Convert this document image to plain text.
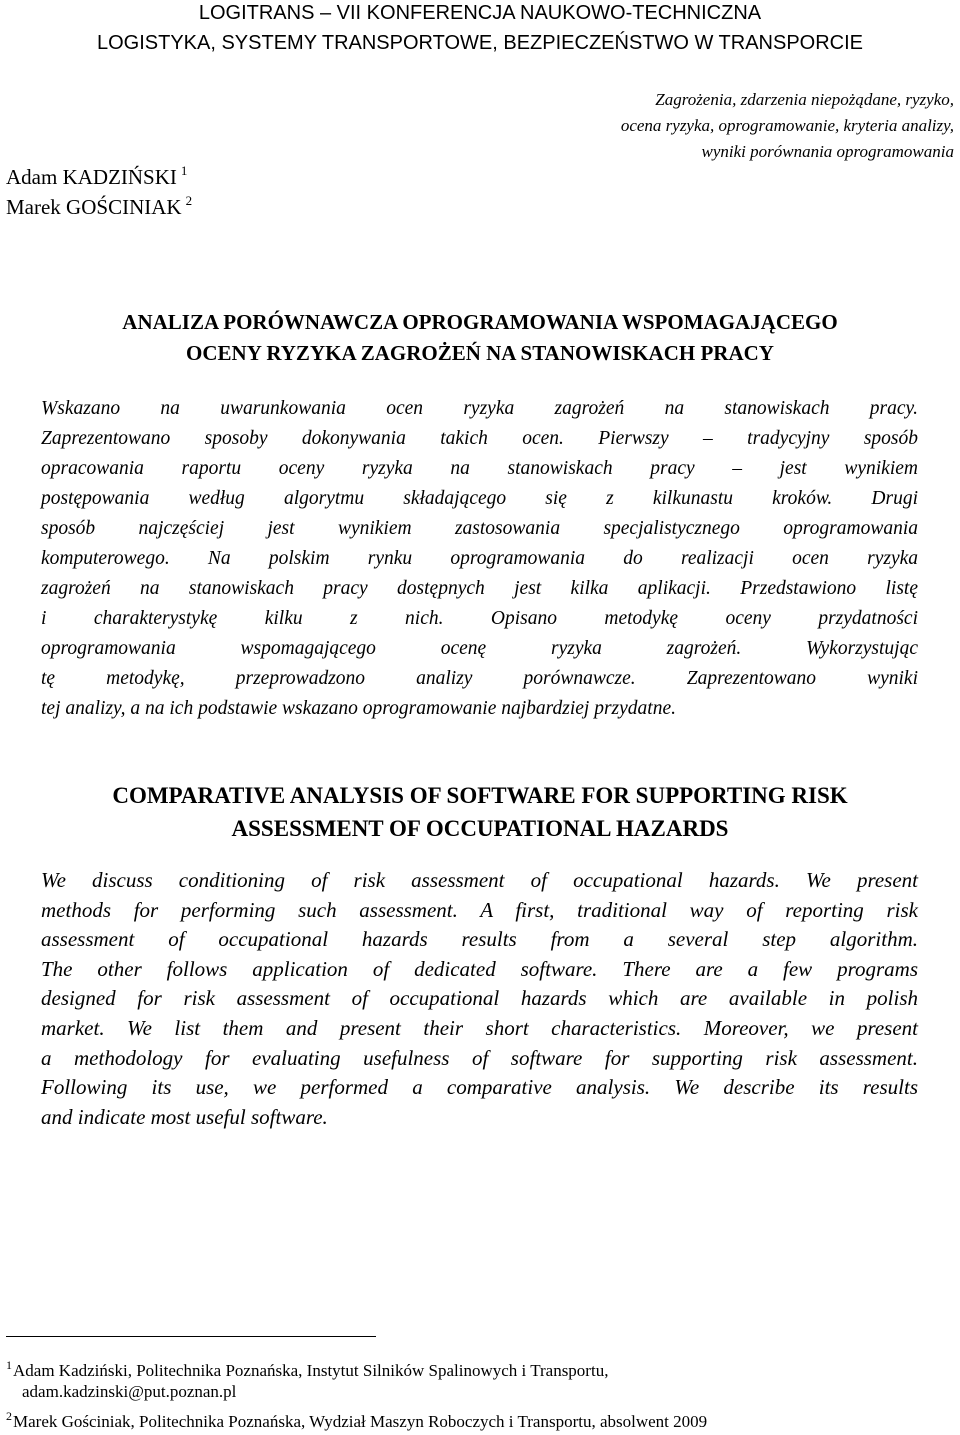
LOGITRANS – VII KONFERENCJA NAUKOWO-TECHNICZNA
LOGISTYKA, SYSTEMY TRANSPORTOWE, BEZPIECZEŃSTWO W TRANSPORCIE
Zagrożenia, zdarzenia niepożądane, ryzyko,
ocena ryzyka, oprogramowanie, kryteria analizy,
wyniki porównania oprogramowania
Adam KADZIŃSKI $^1$
Marek GOŚCINIAK $^2$
ANALIZA PORÓWNAWCZA OPROGRAMOWANIA WSPOMAGAJĄCEGO
OCENY RYZYKA ZAGROŻEŃ NA STANOWISKACH PRACY
Wskazano na uwarunkowania ocen ryzyka zagrożeń na stanowiskach pracy.
Zaprezentowano sposoby dokonywania takich ocen. Pierwszy – tradycyjny sposób
opracowania raportu oceny ryzyka na stanowiskach pracy – jest wynikiem
postępowania według algorytmu składającego się z kilkunastu kroków. Drugi
sposób najczęściej jest wynikiem zastosowania specjalistycznego oprogramowania
komputerowego. Na polskim rynku oprogramowania do realizacji ocen ryzyka
zagrożeń na stanowiskach pracy dostępnych jest kilka aplikacji. Przedstawiono listę
i charakterystykę kilku z nich. Opisano metodykę oceny przydatności
oprogramowania wspomagającego ocenę ryzyka zagrożeń. Wykorzystując
tę metodykę, przeprowadzono analizy porównawcze. Zaprezentowano wyniki
tej analizy, a na ich podstawie wskazano oprogramowanie najbardziej przydatne.
COMPARATIVE ANALYSIS OF SOFTWARE FOR SUPPORTING RISK
ASSESSMENT OF OCCUPATIONAL HAZARDS
We discuss conditioning of risk assessment of occupational hazards. We present
methods for performing such assessment. A first, traditional way of reporting risk
assessment of occupational hazards results from a several step algorithm.
The other follows application of dedicated software. There are a few programs
designed for risk assessment of occupational hazards which are available in polish
market. We list them and present their short characteristics. Moreover, we present
a methodology for evaluating usefulness of software for supporting risk assessment.
Following its use, we performed a comparative analysis. We describe its results
and indicate most useful software.
$^1$Adam Kadziński, Politechnika Poznańska, Instytut Silników Spalinowych i Transportu,
adam.kadzinski@put.poznan.pl
$^2$Marek Gościniak, Politechnika Poznańska, Wydział Maszyn Roboczych i Transportu, absolwent 2009
